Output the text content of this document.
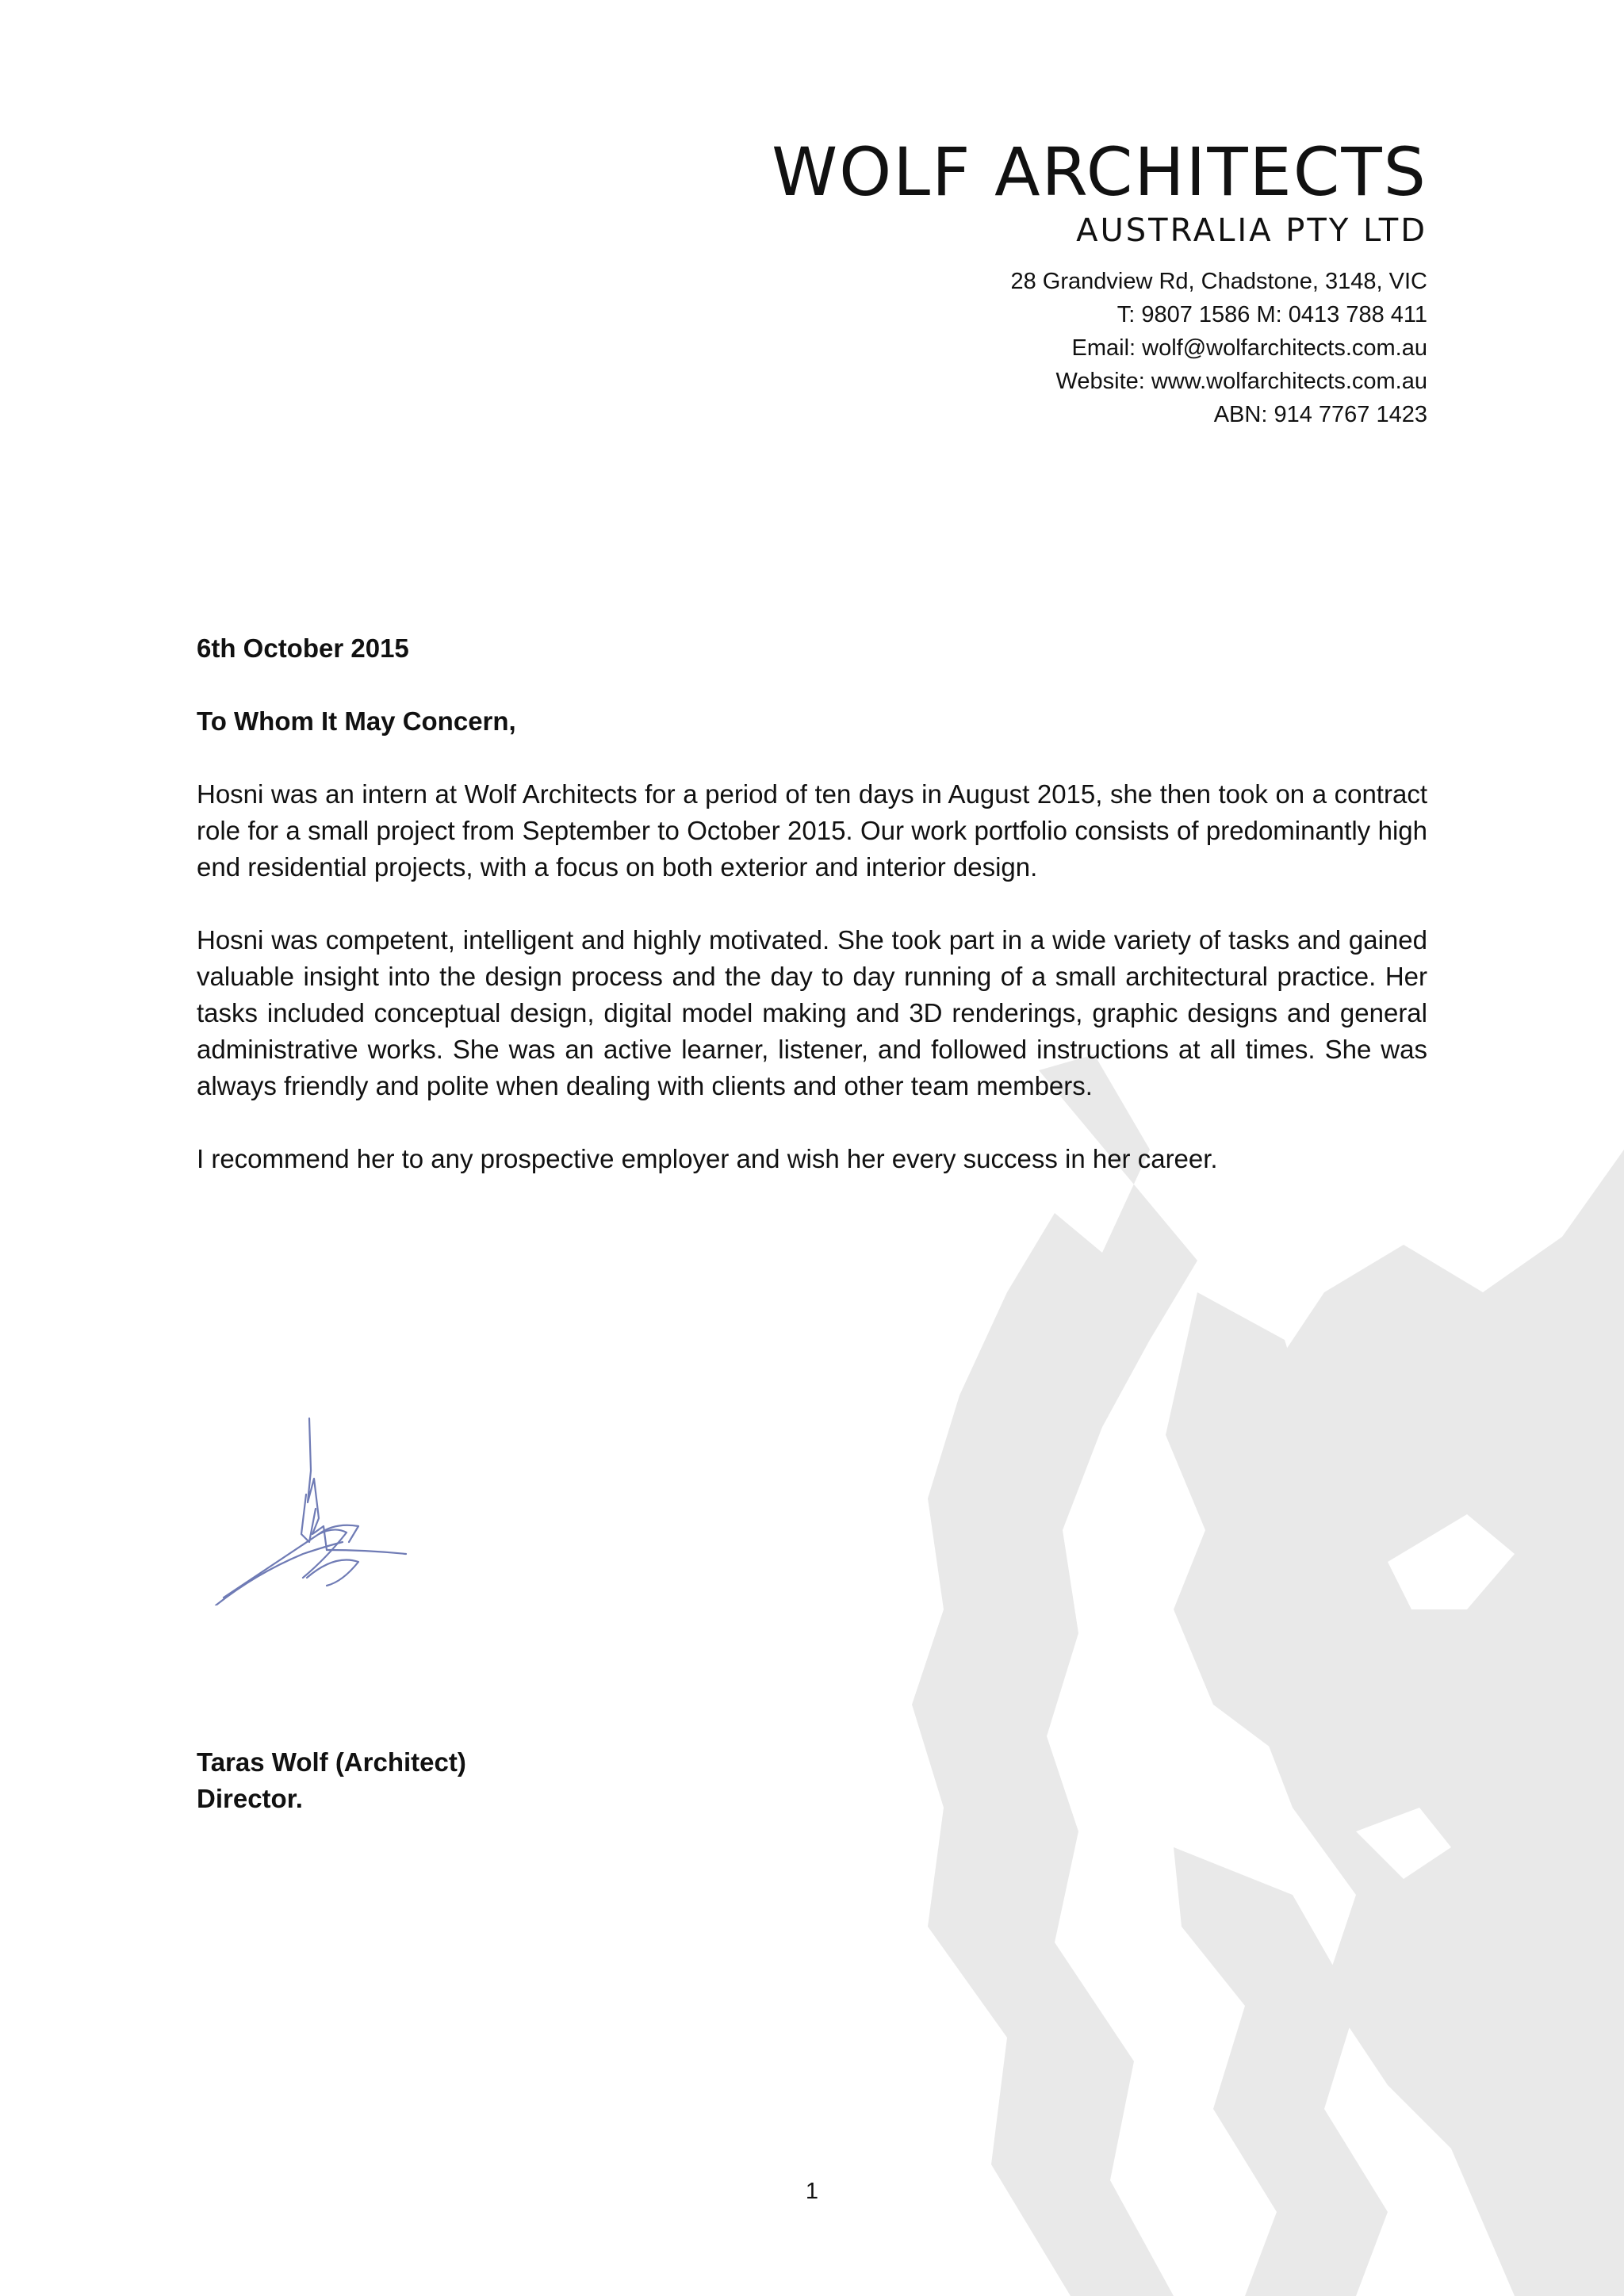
WOLF ARCHITECTS
AUSTRALIA PTY LTD
28 Grandview Rd, Chadstone, 3148, VIC
T: 9807 1586 M: 0413 788 411
Email: wolf@wolfarchitects.com.au
Website: www.wolfarchitects.com.au
ABN: 914 7767 1423

6th October 2015

To Whom It May Concern,

Hosni was an intern at Wolf Architects for a period of ten days in August 2015, she then took on a contract role for a small project from September to October 2015. Our work portfolio consists of predominantly high end residential projects, with a focus on both exterior and interior design.

Hosni was competent, intelligent and highly motivated. She took part in a wide variety of tasks and gained valuable insight into the design process and the day to day running of a small architectural practice. Her tasks included conceptual design, digital model making and 3D renderings, graphic designs and general administrative works. She was an active learner, listener, and followed instructions at all times. She was always friendly and polite when dealing with clients and other team members.

I recommend her to any prospective employer and wish her every success in her career.

Taras Wolf (Architect)
Director.
1
